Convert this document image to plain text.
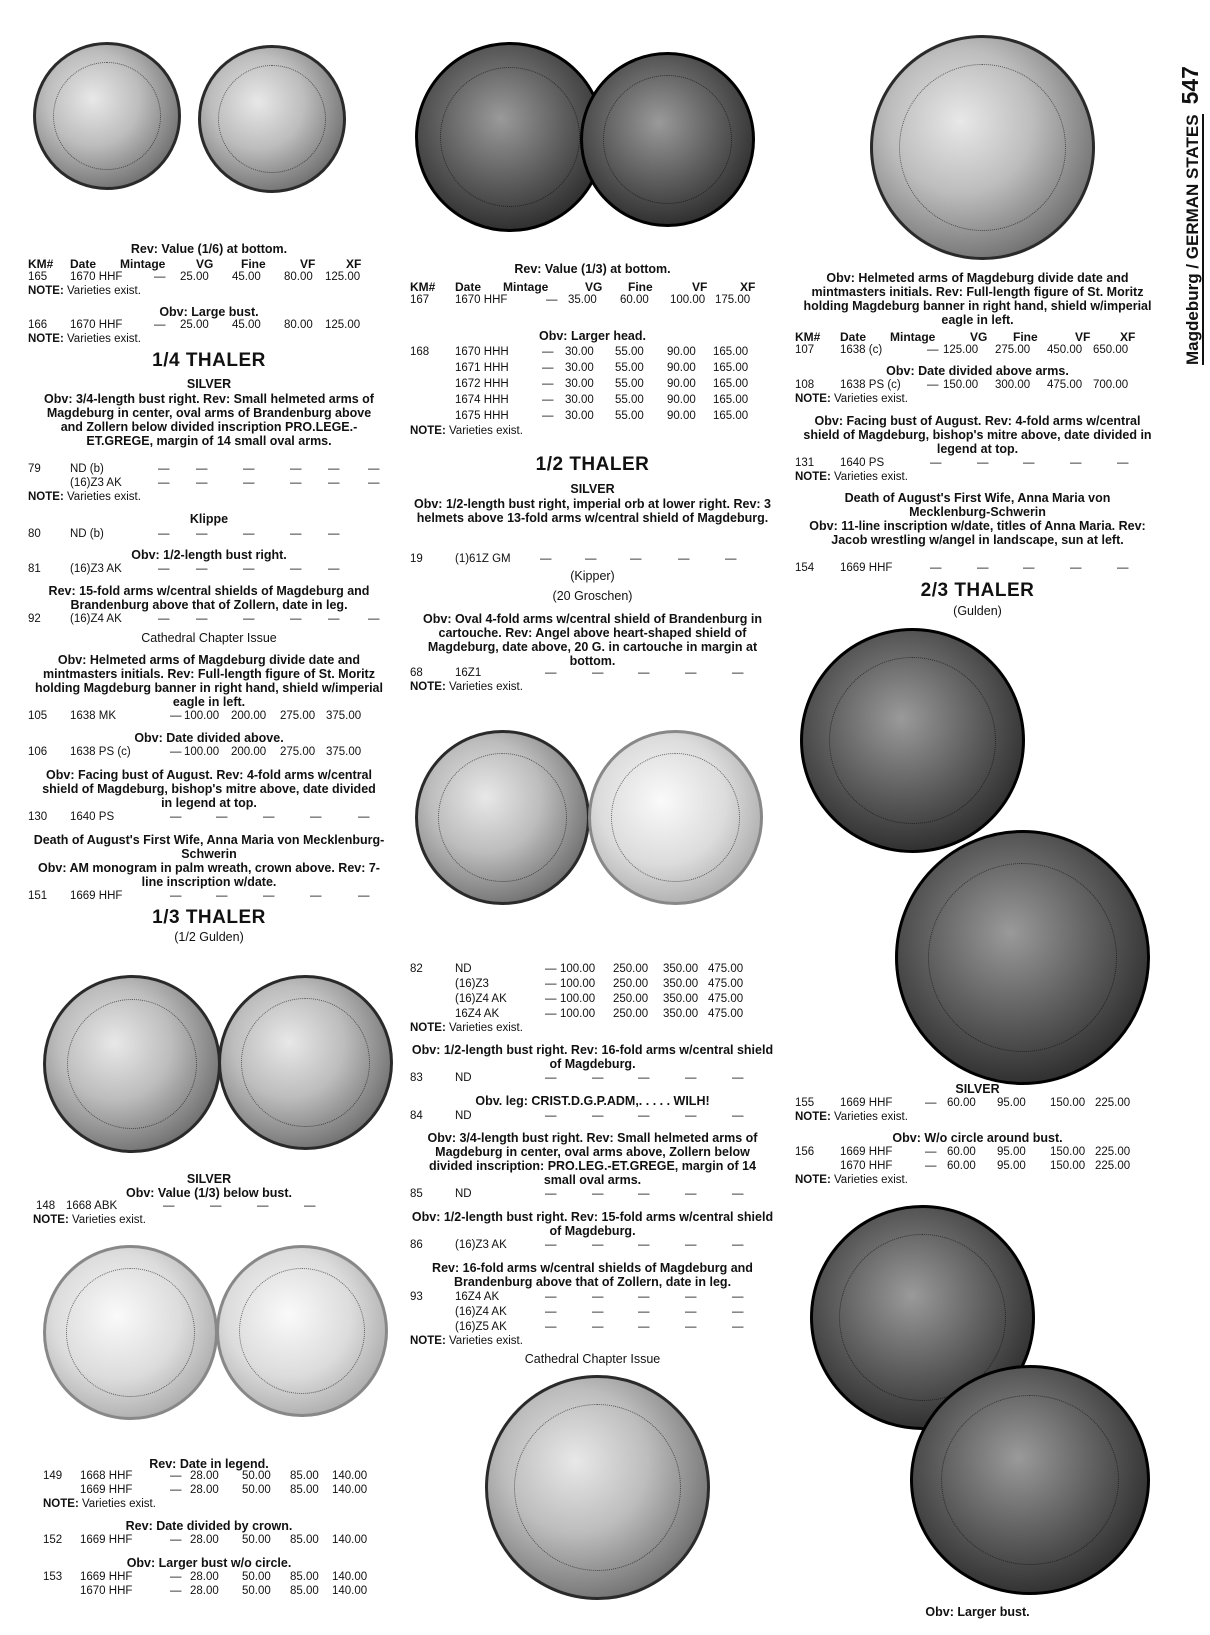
Magdeburg / GERMAN STATES547
Rev: Value (1/6) at bottom.
KM# Date Mintage	VG Fine	VF	XF
165 1670 HHF	— 25.00 45.00 80.00 125.00
NOTE: Varieties exist.
Obv: Large bust.
166 1670 HHF	— 25.00 45.00 80.00 125.00
NOTE: Varieties exist.
1/4 THALER
SILVER
Obv: 3/4-length bust right. Rev: Small helmeted arms of Magdeburg in center, oval arms of Brandenburg above and Zollern below divided inscription PRO.LEGE.-ET.GREGE, margin of 14 small oval arms.
79	ND (b)	— —	—	— — —
(16)Z3 AK	— —	—	— — —
NOTE: Varieties exist.
Klippe
80	ND (b)	— —	—	— —
Obv: 1/2-length bust right.
81	(16)Z3 AK	— —	—	— —
Rev: 15-fold arms w/central shields of Magdeburg and Brandenburg above that of Zollern, date in leg.
92	(16)Z4 AK	— —	—	— — —
Cathedral Chapter Issue
Obv: Helmeted arms of Magdeburg divide date and mintmasters initials. Rev: Full-length figure of St. Moritz holding Magdeburg banner in right hand, shield w/imperial eagle in left.
105 1638 MK	— 100.00 200.00 275.00 375.00
Obv: Date divided above.
106 1638 PS (c)	— 100.00 200.00 275.00 375.00
Obv: Facing bust of August. Rev: 4-fold arms w/central shield of Magdeburg, bishop's mitre above, date divided in legend at top.
130 1640 PS	—	—	—	—	—
Death of August's First Wife, Anna Maria von Mecklenburg-Schwerin
Obv: AM monogram in palm wreath, crown above. Rev: 7-line inscription w/date.
151 1669 HHF	—	—	—	—	—
1/3 THALER
(1/2 Gulden)
SILVER
Obv: Value (1/3) below bust.
148 1668 ABK	—	—	—	—
NOTE: Varieties exist.
Rev: Date in legend.
149 1668 HHF	— 28.00 50.00 85.00 140.00
1669 HHF	— 28.00 50.00 85.00 140.00
NOTE: Varieties exist.
Rev: Date divided by crown.
152 1669 HHF	— 28.00 50.00 85.00 140.00
Obv: Larger bust w/o circle.
153 1669 HHF	— 28.00 50.00 85.00 140.00
1670 HHF	— 28.00 50.00 85.00 140.00
Rev: Value (1/3) at bottom.
KM# Date Mintage	VG Fine	VF	XF
167 1670 HHF	— 35.00 60.00 100.00 175.00
Obv: Larger head.
168 1670 HHH	— 30.00 55.00 90.00 165.00
1671 HHH	— 30.00 55.00 90.00 165.00
1672 HHH	— 30.00 55.00 90.00 165.00
1674 HHH	— 30.00 55.00 90.00 165.00
1675 HHH	— 30.00 55.00 90.00 165.00
NOTE: Varieties exist.
1/2 THALER
SILVER
Obv: 1/2-length bust right, imperial orb at lower right. Rev: 3 helmets above 13-fold arms w/central shield of Magdeburg.
19	(1)61Z GM	—	—	—	—	—
(Kipper)
(20 Groschen)
Obv: Oval 4-fold arms w/central shield of Brandenburg in cartouche. Rev: Angel above heart-shaped shield of Magdeburg, date above, 20 G. in cartouche in margin at bottom.
68	16Z1	—	—	—	—	—
NOTE: Varieties exist.
82	ND	— 100.00 250.00 350.00 475.00
(16)Z3	— 100.00 250.00 350.00 475.00
(16)Z4 AK	— 100.00 250.00 350.00 475.00
16Z4 AK	— 100.00 250.00 350.00 475.00
NOTE: Varieties exist.
Obv: 1/2-length bust right. Rev: 16-fold arms w/central shield of Magdeburg.
83	ND	—	—	—	—	—
Obv. leg: CRIST.D.G.P.ADM,. . . . . WILH!
84	ND	—	—	—	—	—
Obv: 3/4-length bust right. Rev: Small helmeted arms of Magdeburg in center, oval arms above, Zollern below divided inscription: PRO.LEG.-ET.GREGE, margin of 14 small oval arms.
85	ND	—	—	—	—	—
Obv: 1/2-length bust right. Rev: 15-fold arms w/central shield of Magdeburg.
86	(16)Z3 AK	—	—	—	—	—
Rev: 16-fold arms w/central shields of Magdeburg and Brandenburg above that of Zollern, date in leg.
93	16Z4 AK	—	—	—	—	—
(16)Z4 AK	—	—	—	—	—
(16)Z5 AK	—	—	—	—	—
NOTE: Varieties exist.
Cathedral Chapter Issue
Obv: Helmeted arms of Magdeburg divide date and mintmasters initials. Rev: Full-length figure of St. Moritz holding Magdeburg banner in right hand, shield w/imperial eagle in left.
KM# Date Mintage	VG Fine	VF XF
107 1638 (c)	— 125.00 275.00 450.00 650.00
Obv: Date divided above arms.
108 1638 PS (c) — 150.00 300.00 475.00 700.00
NOTE: Varieties exist.
Obv: Facing bust of August. Rev: 4-fold arms w/central shield of Magdeburg, bishop's mitre above, date divided in legend at top.
131 1640 PS	—	—	—	—	—
NOTE: Varieties exist.
Death of August's First Wife, Anna Maria von Mecklenburg-Schwerin
Obv: 11-line inscription w/date, titles of Anna Maria. Rev: Jacob wrestling w/angel in landscape, sun at left.
154 1669 HHF	—	—	—	—	—
2/3 THALER
(Gulden)
SILVER
155 1669 HHF	— 60.00 95.00 150.00 225.00
NOTE: Varieties exist.
Obv: W/o circle around bust.
156 1669 HHF	— 60.00 95.00 150.00 225.00
1670 HHF	— 60.00 95.00 150.00 225.00
NOTE: Varieties exist.
Obv: Larger bust.
